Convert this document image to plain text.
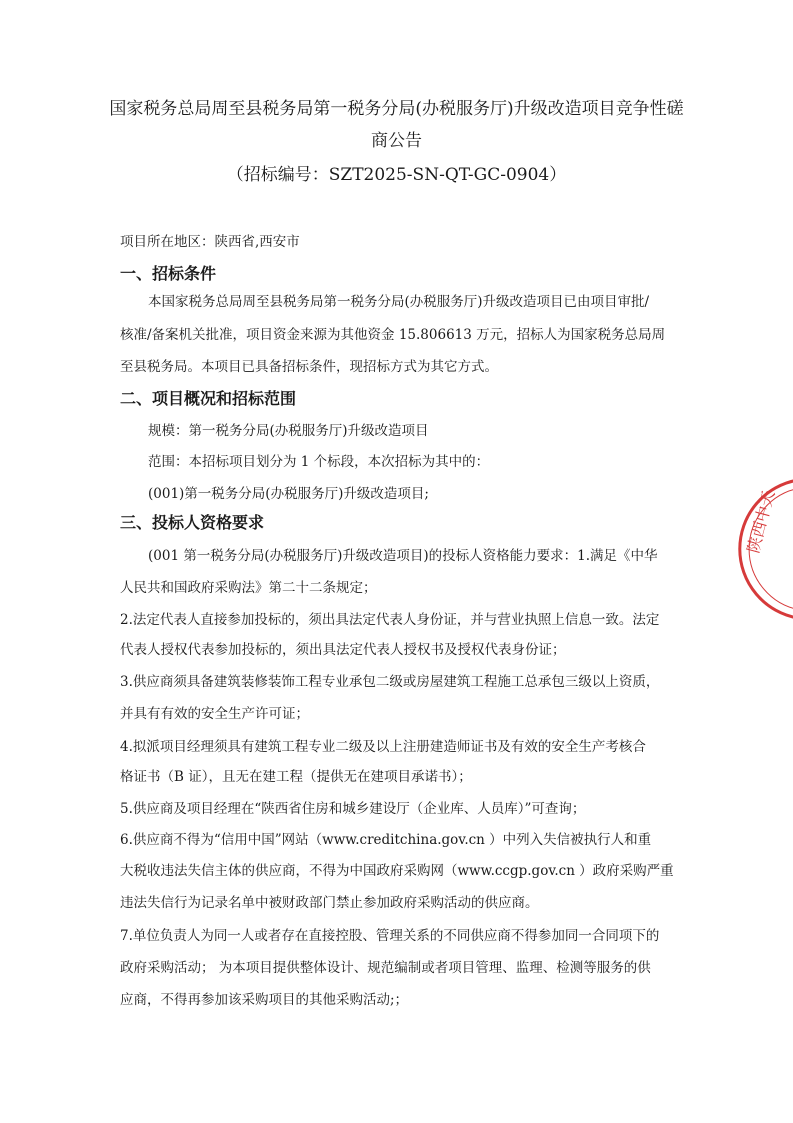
国家税务总局周至县税务局第一税务分局(办税服务厅)升级改造项目竞争性磋
商公告
（招标编号：SZT2025-SN-QT-GC-0904）
项目所在地区：陕西省,西安市
一、招标条件
本国家税务总局周至县税务局第一税务分局(办税服务厅)升级改造项目已由项目审批/
核准/备案机关批准，项目资金来源为其他资金 15.806613 万元，招标人为国家税务总局周
至县税务局。本项目已具备招标条件，现招标方式为其它方式。
二、项目概况和招标范围
规模：第一税务分局(办税服务厅)升级改造项目
范围：本招标项目划分为 1 个标段，本次招标为其中的：
(001)第一税务分局(办税服务厅)升级改造项目;
三、投标人资格要求
(001 第一税务分局(办税服务厅)升级改造项目)的投标人资格能力要求：1.满足《中华
人民共和国政府采购法》第二十二条规定；
2.法定代表人直接参加投标的，须出具法定代表人身份证，并与营业执照上信息一致。法定
代表人授权代表参加投标的，须出具法定代表人授权书及授权代表身份证；
3.供应商须具备建筑装修装饰工程专业承包二级或房屋建筑工程施工总承包三级以上资质，
并具有有效的安全生产许可证；
4.拟派项目经理须具有建筑工程专业二级及以上注册建造师证书及有效的安全生产考核合
格证书（B 证），且无在建工程（提供无在建项目承诺书）；
5.供应商及项目经理在“陕西省住房和城乡建设厅（企业库、人员库）”可查询；
6.供应商不得为“信用中国”网站（www.creditchina.gov.cn ）中列入失信被执行人和重
大税收违法失信主体的供应商，不得为中国政府采购网（www.ccgp.gov.cn ）政府采购严重
违法失信行为记录名单中被财政部门禁止参加政府采购活动的供应商。
7.单位负责人为同一人或者存在直接控股、管理关系的不同供应商不得参加同一合同项下的
政府采购活动； 为本项目提供整体设计、规范编制或者项目管理、监理、检测等服务的供
应商，不得再参加该采购项目的其他采购活动;；
陕西中天
